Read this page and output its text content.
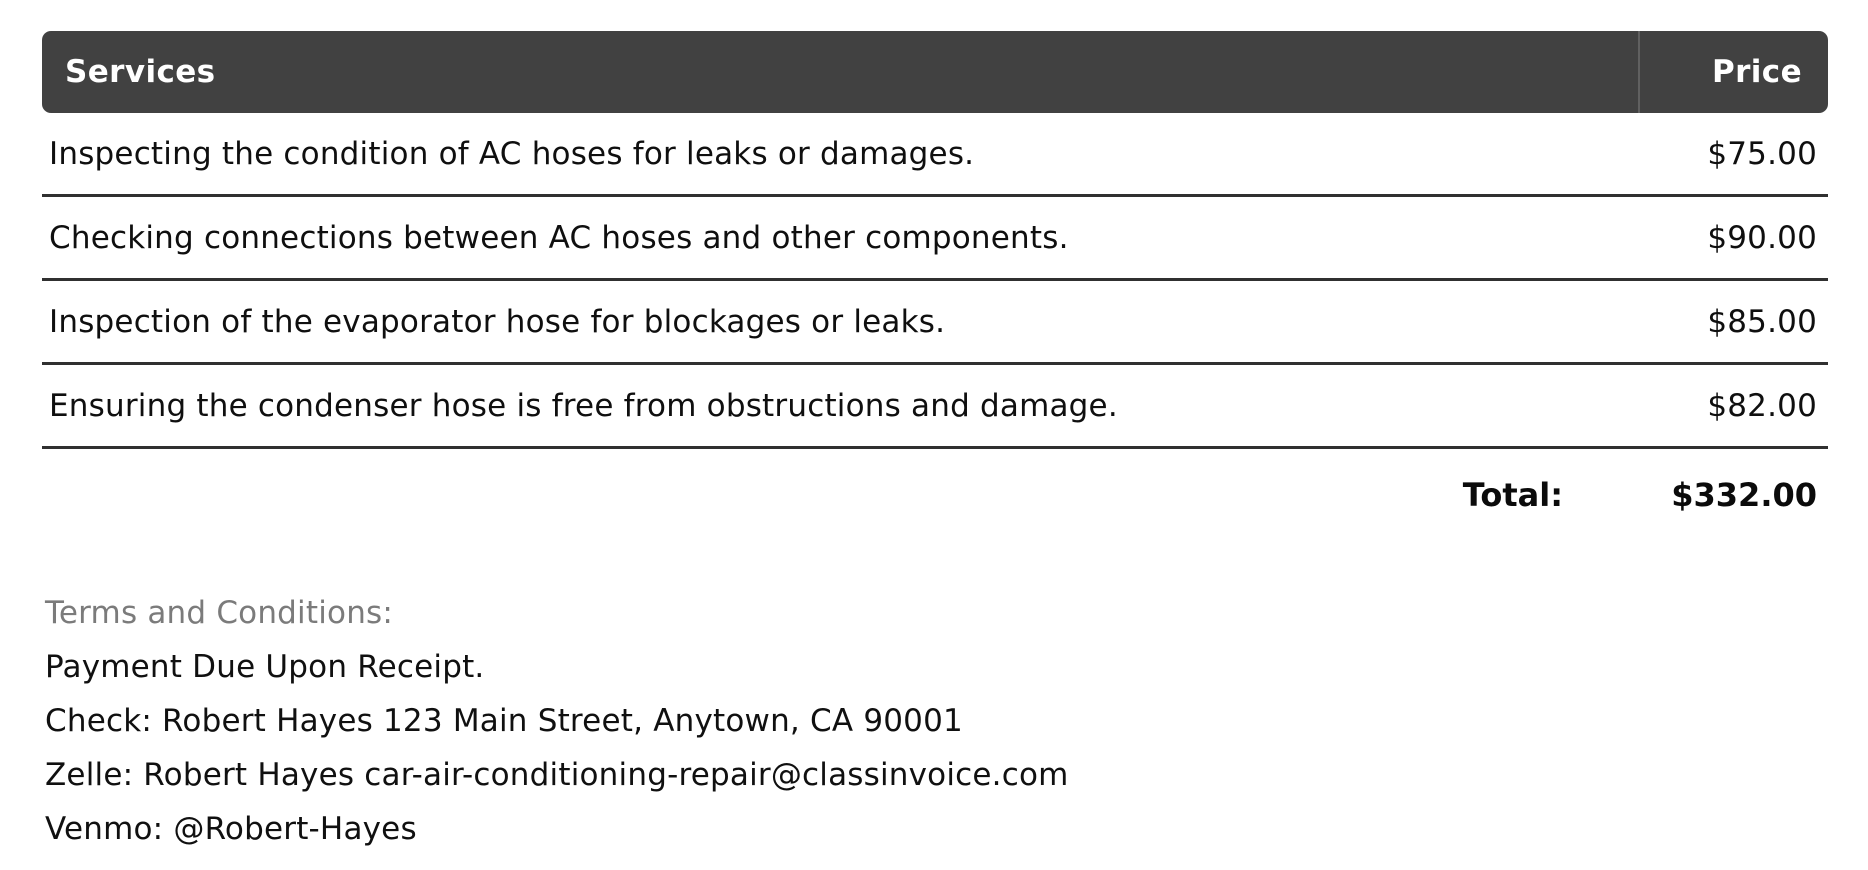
Services	Price
Inspecting the condition of AC hoses for leaks or damages.	$75.00
Checking connections between AC hoses and other components.	$90.00
Inspection of the evaporator hose for blockages or leaks.	$85.00
Ensuring the condenser hose is free from obstructions and damage.	$82.00
Total:	$332.00
Terms and Conditions:
Payment Due Upon Receipt.
Check: Robert Hayes 123 Main Street, Anytown, CA 90001
Zelle: Robert Hayes car-air-conditioning-repair@classinvoice.com
Venmo: @Robert-Hayes
